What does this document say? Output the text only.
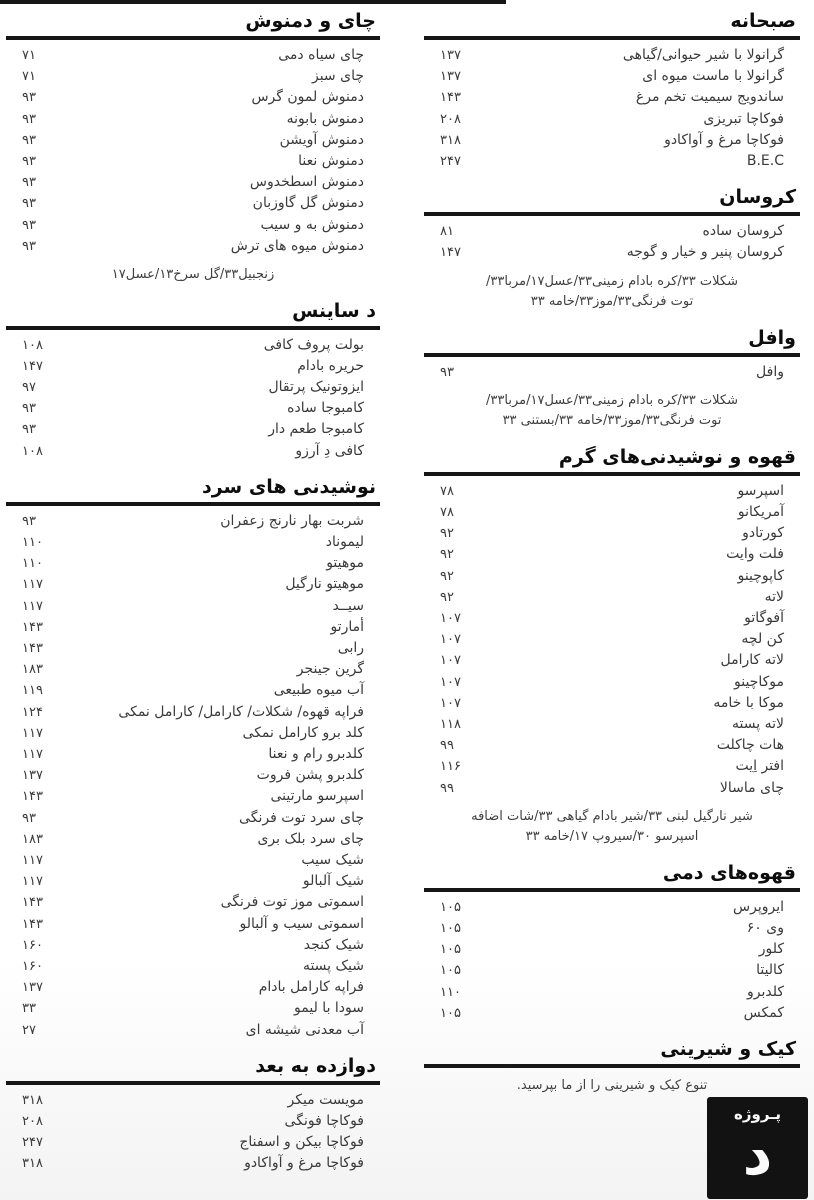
صبحانه
گرانولا با شیر حیوانی/گیاهی
۱۳۷
گرانولا با ماست میوه ای
۱۳۷
ساندویج سیمیت تخم مرغ
۱۴۳
فوکاچا تبریزی
۲۰۸
فوکاچا مرغ و آواکادو
۳۱۸
B.E.C
۲۴۷
کروسان
کروسان ساده
۸۱
کروسان پنیر و خیار و گوجه
۱۴۷
شکلات ۳۳/کره بادام زمینی۳۳/عسل۱۷/مربا۳۳/
توت فرنگی۳۳/موز۳۳/خامه ۳۳
وافل
وافل
۹۳
شکلات ۳۳/کره بادام زمینی۳۳/عسل۱۷/مربا۳۳/
توت فرنگی۳۳/موز۳۳/خامه ۳۳/بستنی ۳۳
قهوه و نوشیدنی‌های گرم
اسپرسو
۷۸
آمریکانو
۷۸
کورتادو
۹۲
فلت وایت
۹۲
کاپوچینو
۹۲
لاته
۹۲
آفوگاتو
۱۰۷
کن لچه
۱۰۷
لاته کارامل
۱۰۷
موکاچینو
۱۰۷
موکا با خامه
۱۰۷
لاته پسته
۱۱۸
هات چاکلت
۹۹
افتر اِیت
۱۱۶
چای ماسالا
۹۹
شیر نارگیل لبنی ۳۳/شیر بادام گیاهی ۳۳/شات اضافه
اسپرسو ۳۰/سیروپ ۱۷/خامه ۳۳
قهوه‌های دمی
ایروپرس
۱۰۵
وی ۶۰
۱۰۵
کلور
۱۰۵
کالیتا
۱۰۵
کلدبرو
۱۱۰
کمکس
۱۰۵
کیک و شیرینی
تنوع کیک و شیرینی را از ما بپرسید.
چای و دمنوش
چای سیاه دمی
۷۱
چای سبز
۷۱
دمنوش لمون گرس
۹۳
دمنوش بابونه
۹۳
دمنوش آویشن
۹۳
دمنوش نعنا
۹۳
دمنوش اسطخدوس
۹۳
دمنوش گل گاوزبان
۹۳
دمنوش به و سیب
۹۳
دمنوش میوه های ترش
۹۳
زنجبیل۳۳/گل سرخ۱۳/عسل۱۷
د ساینس
بولت پروف کافی
۱۰۸
حریره بادام
۱۴۷
ایزوتونیک پرتقال
۹۷
کامبوجا ساده
۹۳
کامبوجا طعم دار
۹۳
کافی دِ آرزو
۱۰۸
نوشیدنی های سرد
شربت بهار نارنج زعفران
۹۳
لیموناد
۱۱۰
موهیتو
۱۱۰
موهیتو نارگیل
۱۱۷
سیــد
۱۱۷
أمارتو
۱۴۳
رابی
۱۴۳
گرین جینجر
۱۸۳
آب میوه طبیعی
۱۱۹
فراپه قهوه/ شکلات/ کارامل/ کارامل نمکی
۱۲۴
کلد برو کارامل نمکی
۱۱۷
کلدبرو رام و نعنا
۱۱۷
کلدبرو پشن فروت
۱۳۷
اسپرسو مارتینی
۱۴۳
چای سرد توت فرنگی
۹۳
چای سرد بلک بری
۱۸۳
شیک سیب
۱۱۷
شیک آلبالو
۱۱۷
اسموتی موز توت فرنگی
۱۴۳
اسموتی سیب و آلبالو
۱۴۳
شیک کنجد
۱۶۰
شیک پسته
۱۶۰
فراپه کارامل بادام
۱۳۷
سودا با لیمو
۳۳
آب معدنی شیشه ای
۲۷
دوازده به بعد
مویست میکر
۳۱۸
فوکاچا فونگی
۲۰۸
فوکاچا بیکن و اسفناج
۲۴۷
فوکاچا مرغ و آواکادو
۳۱۸
پـروژه
د
